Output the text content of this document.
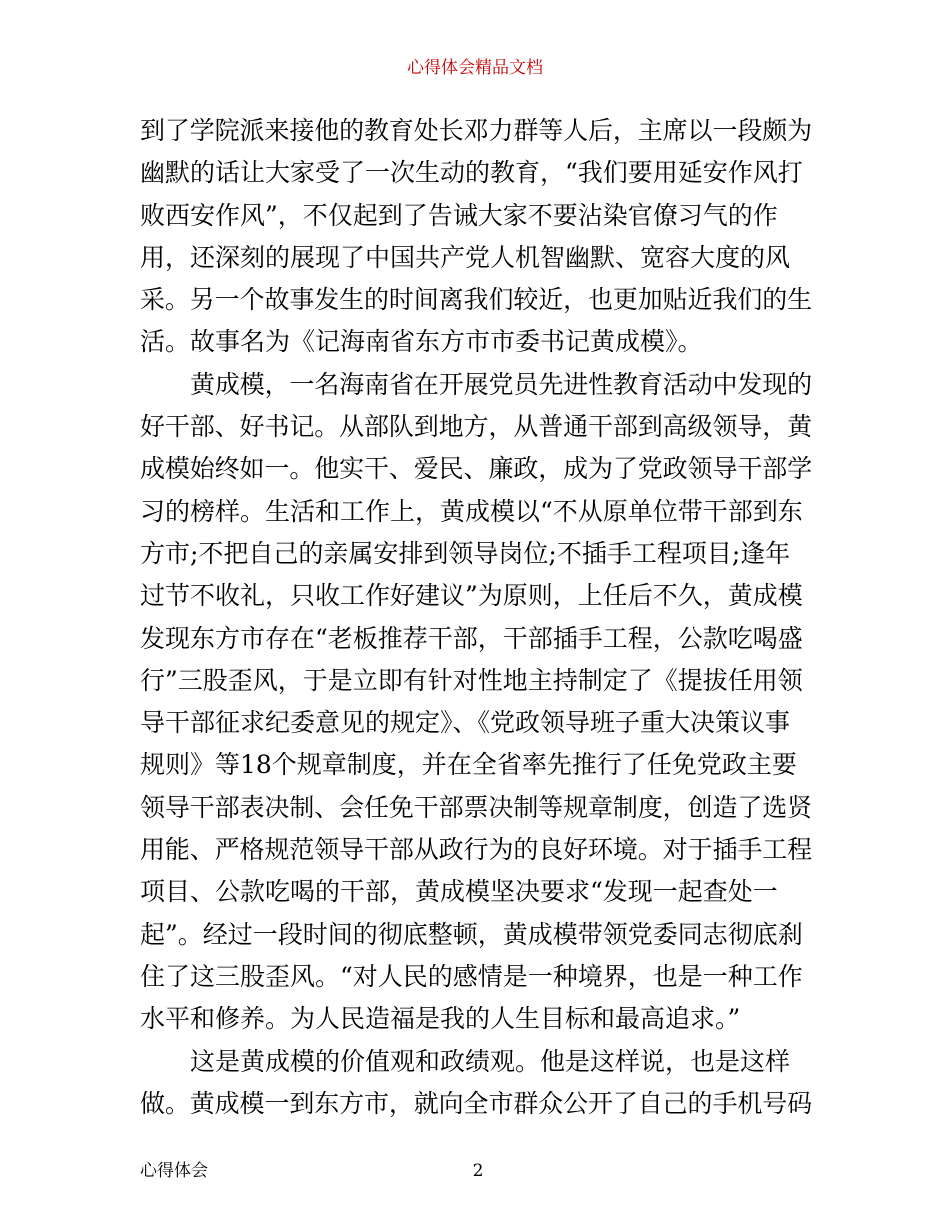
心得体会精品文档
到了学院派来接他的教育处长邓力群等人后，主席以一段颇为
幽默的话让大家受了一次生动的教育，“我们要用延安作风打
败西安作风”，不仅起到了告诫大家不要沾染官僚习气的作
用，还深刻的展现了中国共产党人机智幽默、宽容大度的风
采。另一个故事发生的时间离我们较近，也更加贴近我们的生
活。故事名为《记海南省东方市市委书记黄成模》。
黄成模，一名海南省在开展党员先进性教育活动中发现的
好干部、好书记。从部队到地方，从普通干部到高级领导，黄
成模始终如一。他实干、爱民、廉政，成为了党政领导干部学
习的榜样。生活和工作上，黄成模以“不从原单位带干部到东
方市;不把自己的亲属安排到领导岗位;不插手工程项目;逢年
过节不收礼，只收工作好建议”为原则，上任后不久，黄成模
发现东方市存在“老板推荐干部，干部插手工程，公款吃喝盛
行”三股歪风，于是立即有针对性地主持制定了《提拔任用领
导干部征求纪委意见的规定》、《党政领导班子重大决策议事
规则》等18个规章制度，并在全省率先推行了任免党政主要
领导干部表决制、会任免干部票决制等规章制度，创造了选贤
用能、严格规范领导干部从政行为的良好环境。对于插手工程
项目、公款吃喝的干部，黄成模坚决要求“发现一起查处一
起”。经过一段时间的彻底整顿，黄成模带领党委同志彻底刹
住了这三股歪风。“对人民的感情是一种境界，也是一种工作
水平和修养。为人民造福是我的人生目标和最高追求。”
这是黄成模的价值观和政绩观。他是这样说，也是这样
做。黄成模一到东方市，就向全市群众公开了自己的手机号码
心得体会	2
